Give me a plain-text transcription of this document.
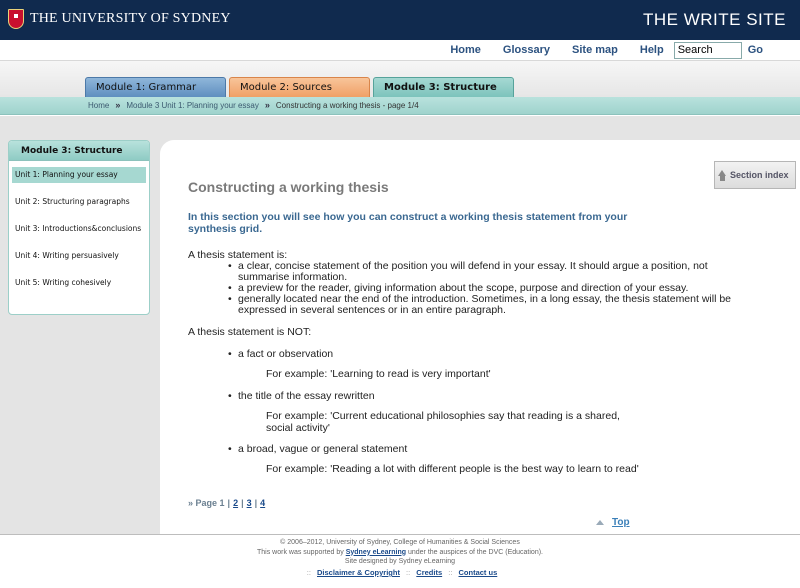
THE UNIVERSITY OF SYDNEY	THE WRITE SITE
Home Glossary Site map Help
Search	Go
Module 1: Grammar	Module 2: Sources	Module 3: Structure
Home » Module 3 Unit 1: Planning your essay » Constructing a working thesis - page 1/4
Module 3: Structure
Unit 1: Planning your essay
Unit 2: Structuring paragraphs
Unit 3: Introductions&conclusions
Unit 4: Writing persuasively
Unit 5: Writing cohesively
Section index
Constructing a working thesis
In this section you will see how you can construct a working thesis statement from your synthesis grid.
A thesis statement is:
• a clear, concise statement of the position you will defend in your essay. It should argue a position, not summarise information.
• a preview for the reader, giving information about the scope, purpose and direction of your essay.
• generally located near the end of the introduction. Sometimes, in a long essay, the thesis statement will be expressed in several sentences or in an entire paragraph.
A thesis statement is NOT:
• a fact or observation
For example: 'Learning to read is very important'
• the title of the essay rewritten
For example: 'Current educational philosophies say that reading is a shared, social activity'
• a broad, vague or general statement
For example: 'Reading a lot with different people is the best way to learn to read'
» Page 1 | 2 | 3 | 4
Top
© 2006–2012, University of Sydney, College of Humanities & Social Sciences
This work was supported by Sydney eLearning under the auspices of the DVC (Education).
Site designed by Sydney eLearning
:: Disclaimer & Copyright :: Credits :: Contact us
